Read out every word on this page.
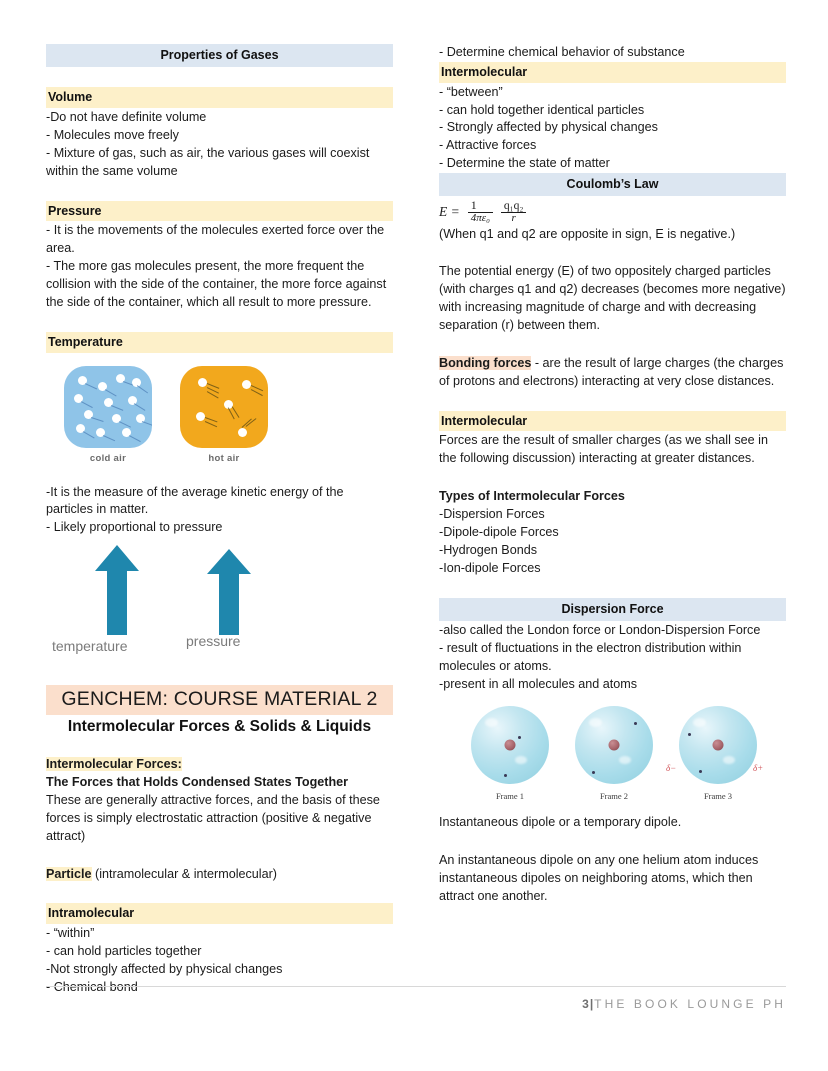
Properties of Gases
Volume

-Do not have definite volume

- Molecules move freely

- Mixture of gas, such as air, the various gases will coexist within the same volume

Pressure

- It is the movements of the molecules exerted force over the area.

- The more gas molecules present, the more frequent the collision with the side of the container, the more force against the side of the container, which all result to more pressure.

Temperature
cold air	hot air

-It is the measure of the average kinetic energy of the particles in matter.

- Likely proportional to pressure

temperature	pressure
GENCHEM: COURSE MATERIAL 2
Intermolecular Forces & Solids & Liquids

Intermolecular Forces:

The Forces that Holds Condensed States Together

These are generally attractive forces, and the basis of these forces is simply electrostatic attraction (positive & negative attract)

Particle (intramolecular & intermolecular)

Intramolecular

- “within”

- can hold particles together

-Not strongly affected by physical changes

- Chemical bond

- Determine chemical behavior of substance

Intermolecular

- “between”

- can hold together identical particles

- Strongly affected by physical changes

- Attractive forces

- Determine the state of matter

Coulomb’s Law
$E = \frac{1}{\text{4πε₀}} \frac{\text{q₁q₂}}{r}$

(When q1 and q2 are opposite in sign, E is negative.)

The potential energy (E) of two oppositely charged particles (with charges q1 and q2) decreases (becomes more negative) with increasing magnitude of charge and with decreasing separation (r) between them.

Bonding forces - are the result of large charges (the charges of protons and electrons) interacting at very close distances.

Intermolecular

Forces are the result of smaller charges (as we shall see in the following discussion) interacting at greater distances.

Types of Intermolecular Forces

-Dispersion Forces

-Dipole-dipole Forces

-Hydrogen Bonds

-Ion-dipole Forces

Dispersion Force

-also called the London force or London-Dispersion Force

- result of fluctuations in the electron distribution within molecules or atoms.

-present in all molecules and atoms

Frame 1	Frame 2
δ−	δ+
Frame 3

Instantaneous dipole or a temporary dipole.

An instantaneous dipole on any one helium atom induces instantaneous dipoles on neighboring atoms, which then attract one another.

3|THE BOOK LOUNGE PH
